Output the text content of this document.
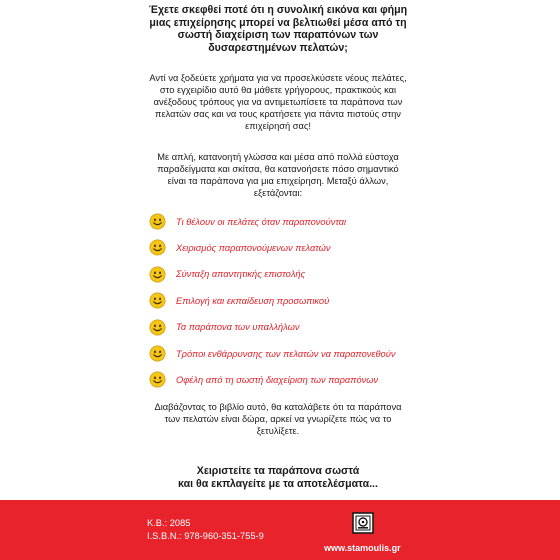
Έχετε σκεφθεί ποτέ ότι η συνολική εικόνα και φήμη μιας επιχείρησης μπορεί να βελτιωθεί μέσα από τη σωστή διαχείριση των παραπόνων των δυσαρεστημένων πελατών;

Αντί να ξοδεύετε χρήματα για να προσελκύσετε νέους πελάτες, στο εγχειρίδιο αυτό θα μάθετε γρήγορους, πρακτικούς και ανέξοδους τρόπους για να αντιμετωπίσετε τα παράπονα των πελατών σας και να τους κρατήσετε για πάντα πιστούς στην επιχείρησή σας!

Με απλή, κατανοητή γλώσσα και μέσα από πολλά εύστοχα παραδείγματα και σκίτσα, θα κατανοήσετε πόσο σημαντικό είναι τα παράπονα για μια επιχείρηση. Μεταξύ άλλων, εξετάζονται:

Τι θέλουν οι πελάτες όταν παραπονούνται
Χειρισμός παραπονούμενων πελατών
Σύνταξη απαντητικής επιστολής
Επιλογή και εκπαίδευση προσωπικού
Τα παράπονα των υπαλλήλων
Τρόποι ενθάρρυνσης των πελατών να παραπονεθούν
Οφέλη από τη σωστή διαχείριση των παραπόνων

Διαβάζοντας το βιβλίο αυτό, θα καταλάβετε ότι τα παράπονα των πελατών είναι δώρα, αρκεί να γνωρίζετε πώς να το ξετυλίξετε.

Χειριστείτε τα παράπονα σωστά
και θα εκπλαγείτε με τα αποτελέσματα...

Κ.Β.: 2085
I.S.B.N.: 978-960-351-755-9
www.stamoulis.gr
